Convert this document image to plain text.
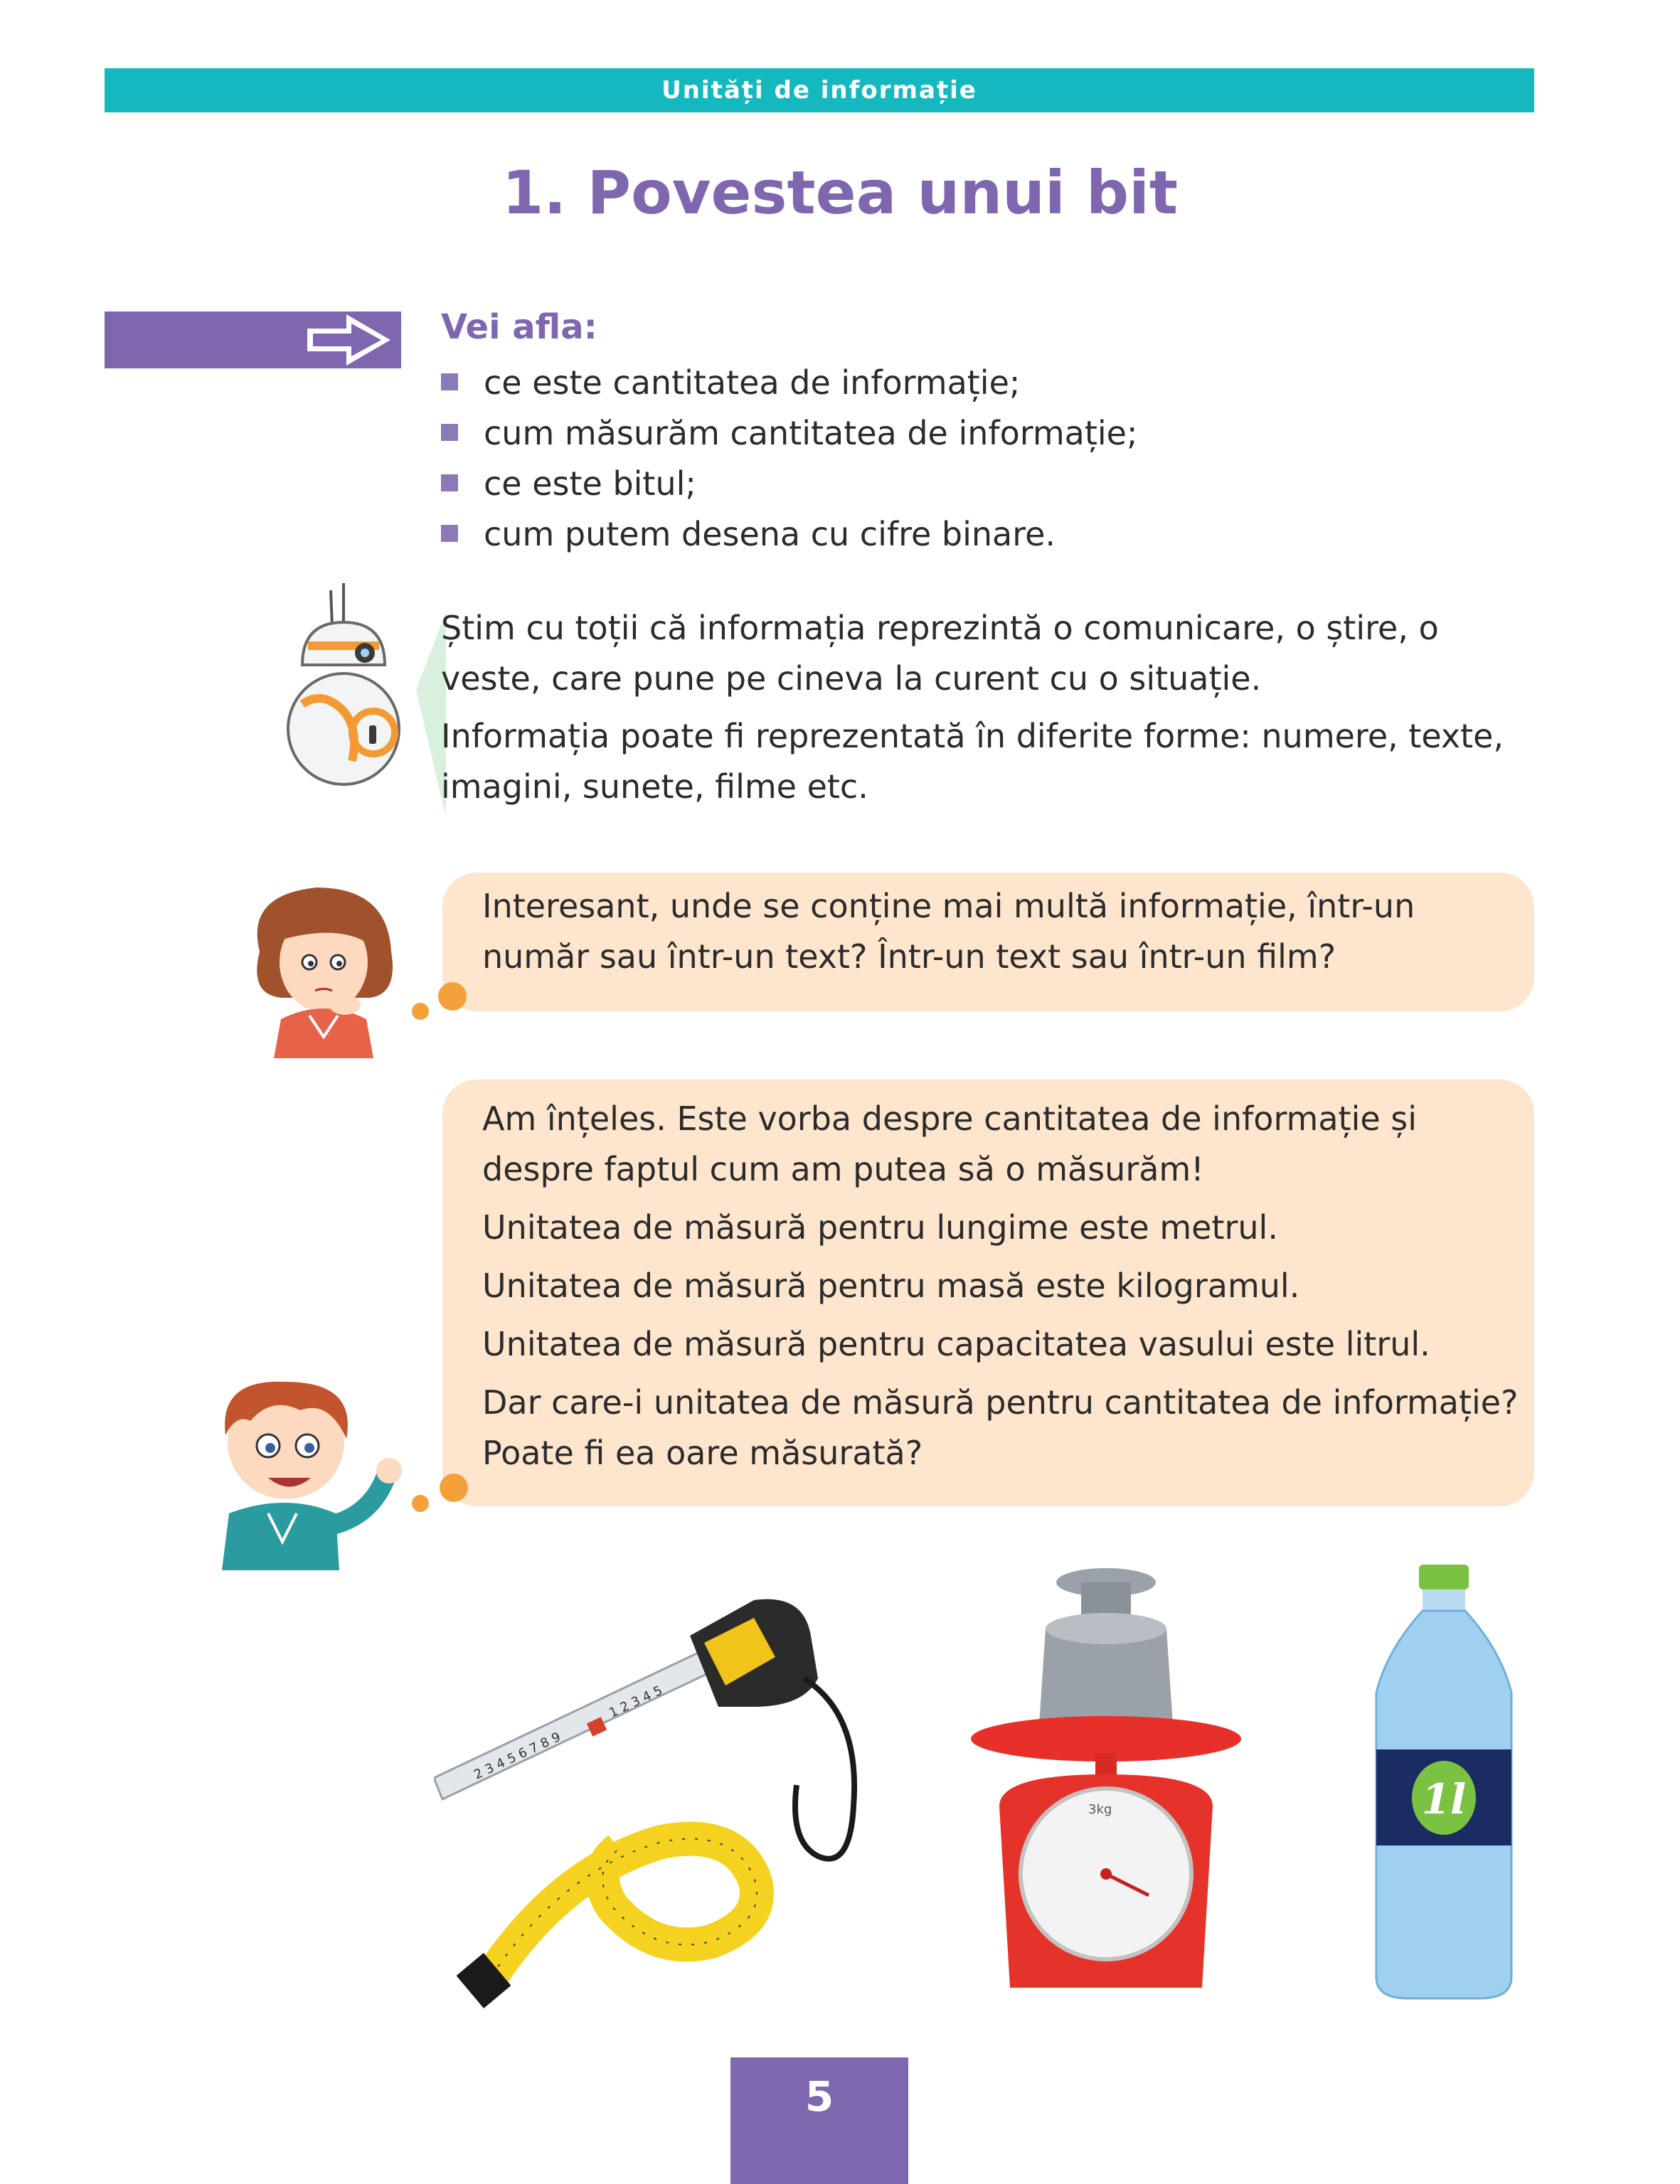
Unități de informație
1. Povestea unui bit
Vei afla:
ce este cantitatea de informație;
cum măsurăm cantitatea de informație;
ce este bitul;
cum putem desena cu cifre binare.

Știm cu toții că informația reprezintă o comunicare, o știre, o
veste, care pune pe cineva la curent cu o situație.

Informația poate fi reprezentată în diferite forme: numere, texte,
imagini, sunete, filme etc.

Interesant, unde se conține mai multă informație, într-un
număr sau într-un text? Într-un text sau într-un film?
Am înțeles. Este vorba despre cantitatea de informație și
despre faptul cum am putea să o măsurăm!
Unitatea de măsură pentru lungime este metrul.
Unitatea de măsură pentru masă este kilogramul.
Unitatea de măsură pentru capacitatea vasului este litrul.
Dar care-i unitatea de măsură pentru cantitatea de informație?
Poate fi ea oare măsurată?
2 3 4 5 6 7 8 9
1 2 3 4 5
3kg	1l
5
